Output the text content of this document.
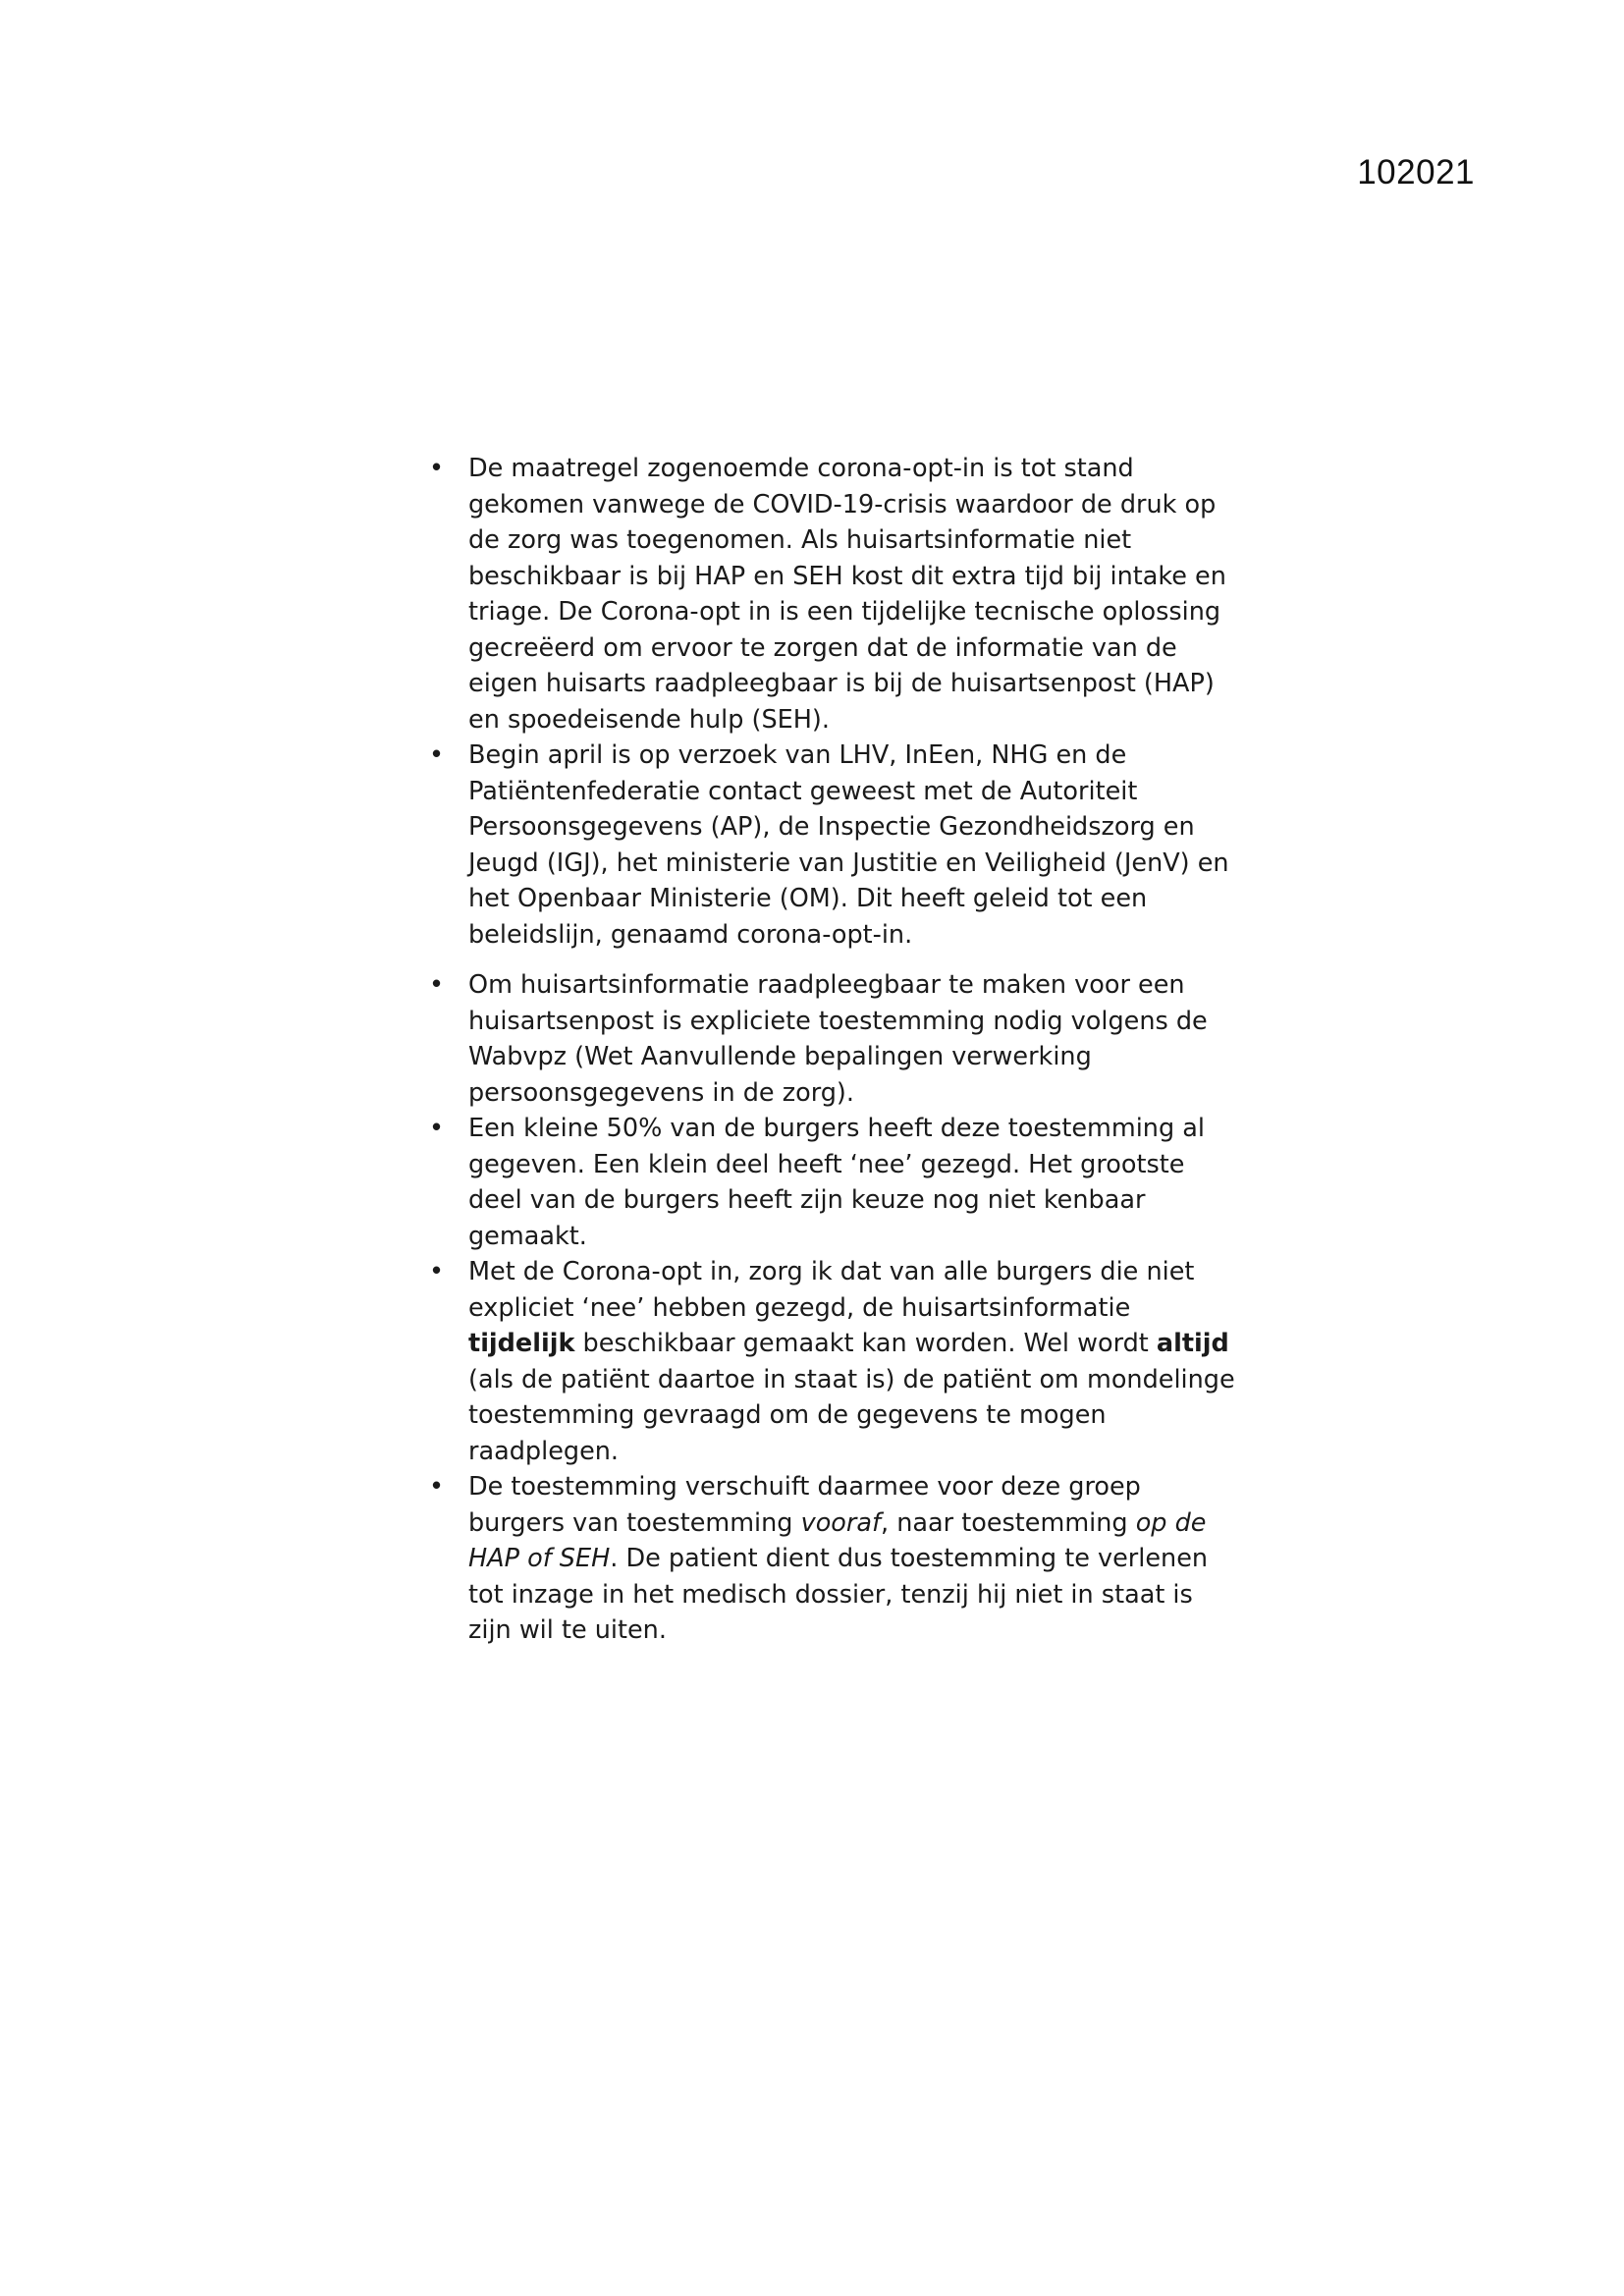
102021
• De maatregel zogenoemde corona-opt-in is tot stand gekomen vanwege de COVID-19-crisis waardoor de druk op de zorg was toegenomen. Als huisartsinformatie niet beschikbaar is bij HAP en SEH kost dit extra tijd bij intake en triage. De Corona-opt in is een tijdelijke tecnische oplossing gecreëerd om ervoor te zorgen dat de informatie van de eigen huisarts raadpleegbaar is bij de huisartsenpost (HAP) en spoedeisende hulp (SEH).
• Begin april is op verzoek van LHV, InEen, NHG en de Patiëntenfederatie contact geweest met de Autoriteit Persoonsgegevens (AP), de Inspectie Gezondheidszorg en Jeugd (IGJ), het ministerie van Justitie en Veiligheid (JenV) en het Openbaar Ministerie (OM). Dit heeft geleid tot een beleidslijn, genaamd corona-opt-in.
• Om huisartsinformatie raadpleegbaar te maken voor een huisartsenpost is expliciete toestemming nodig volgens de Wabvpz (Wet Aanvullende bepalingen verwerking persoonsgegevens in de zorg).
• Een kleine 50% van de burgers heeft deze toestemming al gegeven. Een klein deel heeft ‘nee’ gezegd. Het grootste deel van de burgers heeft zijn keuze nog niet kenbaar gemaakt.
• Met de Corona-opt in, zorg ik dat van alle burgers die niet expliciet ‘nee’ hebben gezegd, de huisartsinformatie tijdelijk beschikbaar gemaakt kan worden. Wel wordt altijd (als de patiënt daartoe in staat is) de patiënt om mondelinge toestemming gevraagd om de gegevens te mogen raadplegen.
• De toestemming verschuift daarmee voor deze groep burgers van toestemming vooraf, naar toestemming op de HAP of SEH. De patient dient dus toestemming te verlenen tot inzage in het medisch dossier, tenzij hij niet in staat is zijn wil te uiten.
